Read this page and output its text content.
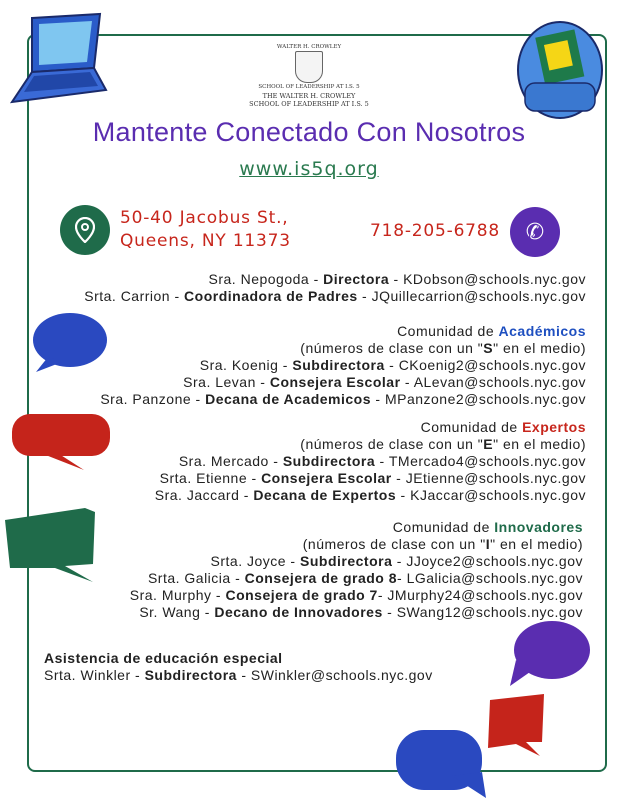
WALTER H. CROWLEY
SCHOOL OF LEADERSHIP AT I.S. 5
THE WALTER H. CROWLEY
SCHOOL OF LEADERSHIP AT I.S. 5
Mantente Conectado Con Nosotros
www.is5q.org
50-40 Jacobus St.,
Queens, NY 11373	718-205-6788	✆
Sra. Nepogoda - Directora - KDobson@schools.nyc.gov
Srta. Carrion - Coordinadora de Padres - JQuillecarrion@schools.nyc.gov
Comunidad de Académicos
(números de clase con un "S" en el medio)
Sra. Koenig - Subdirectora - CKoenig2@schools.nyc.gov
Sra. Levan - Consejera Escolar - ALevan@schools.nyc.gov
Sra. Panzone - Decana de Academicos - MPanzone2@schools.nyc.gov
Comunidad de Expertos
(números de clase con un "E" en el medio)
Sra. Mercado - Subdirectora - TMercado4@schools.nyc.gov
Srta. Etienne - Consejera Escolar - JEtienne@schools.nyc.gov
Sra. Jaccard - Decana de Expertos - KJaccar@schools.nyc.gov
Comunidad de Innovadores
(números de clase con un "I" en el medio)
Srta. Joyce - Subdirectora - JJoyce2@schools.nyc.gov
Srta. Galicia - Consejera de grado 8- LGalicia@schools.nyc.gov
Sra. Murphy - Consejera de grado 7- JMurphy24@schools.nyc.gov
Sr. Wang - Decano de Innovadores - SWang12@schools.nyc.gov
Asistencia de educación especial
Srta. Winkler - Subdirectora - SWinkler@schools.nyc.gov
